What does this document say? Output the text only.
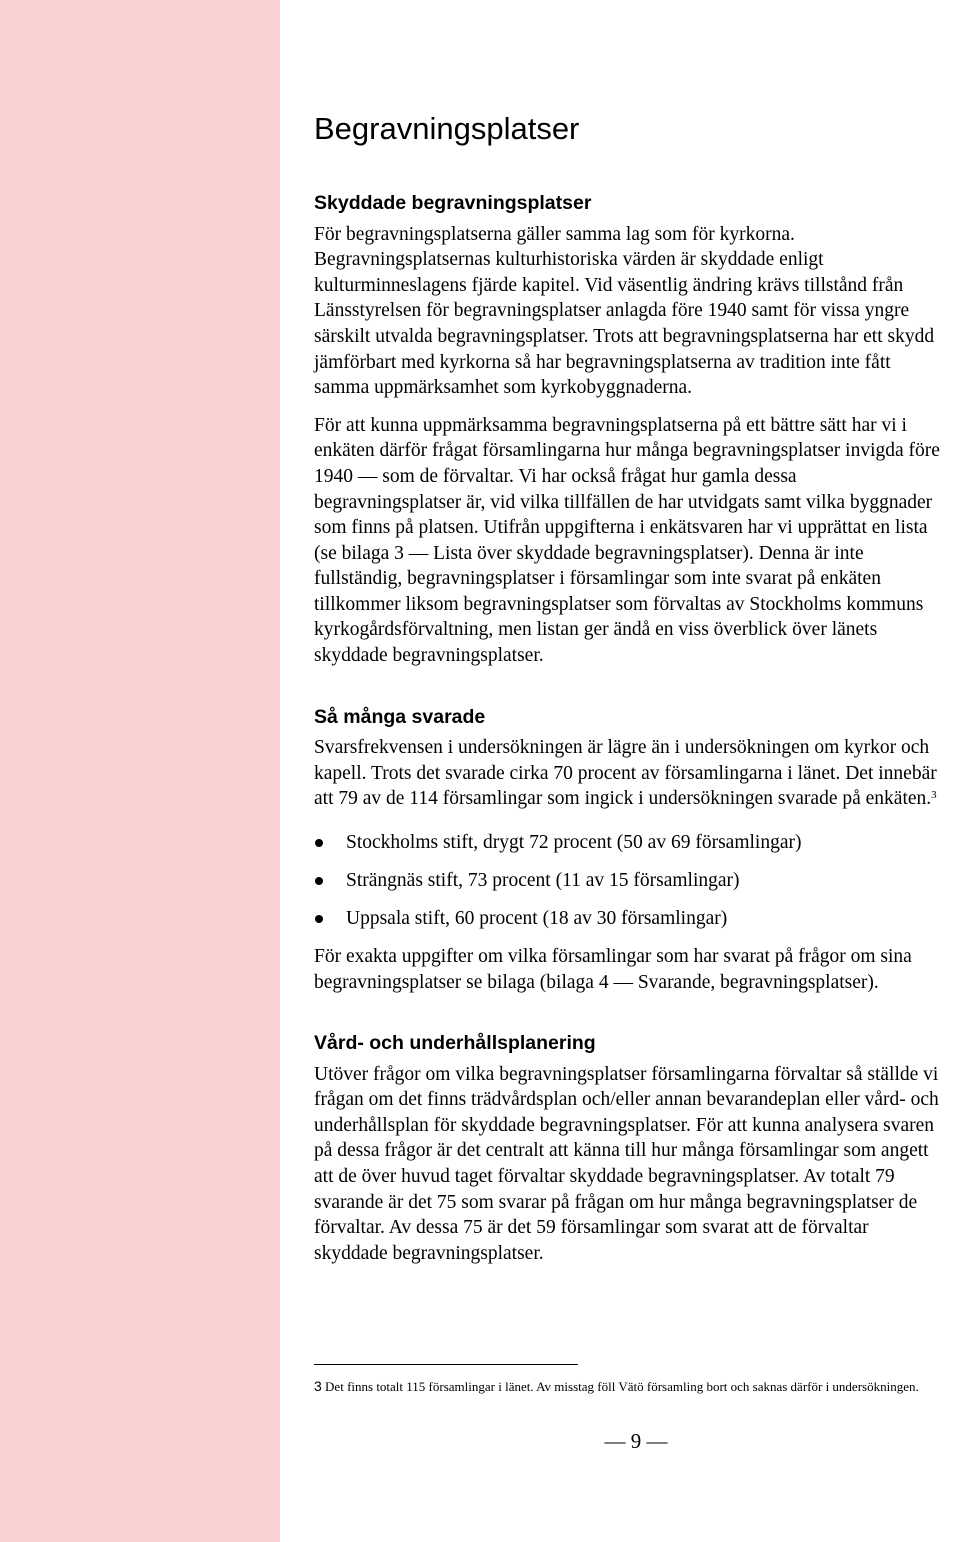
Begravningsplatser
Skyddade begravningsplatser

För begravningsplatserna gäller samma lag som för kyrkorna. Begravningsplatsernas kulturhistoriska värden är skyddade enligt kulturminneslagens fjärde kapitel. Vid väsentlig ändring krävs tillstånd från Länsstyrelsen för begravningsplatser anlagda före 1940 samt för vissa yngre särskilt utvalda begravningsplatser. Trots att begravningsplatserna har ett skydd jämförbart med kyrkorna så har begravningsplatserna av tradition inte fått samma uppmärksamhet som kyrkobyggnaderna.

För att kunna uppmärksamma begravningsplatserna på ett bättre sätt har vi i enkäten därför frågat församlingarna hur många begravningsplatser invigda före 1940 — som de förvaltar. Vi har också frågat hur gamla dessa begravningsplatser är, vid vilka tillfällen de har utvidgats samt vilka byggnader som finns på platsen. Utifrån uppgifterna i enkätsvaren har vi upprättat en lista (se bilaga 3 — Lista över skyddade begravningsplatser). Denna är inte fullständig, begravningsplatser i församlingar som inte svarat på enkäten tillkommer liksom begravningsplatser som förvaltas av Stockholms kommuns kyrkogårdsförvaltning, men listan ger ändå en viss överblick över länets skyddade begravningsplatser.

Så många svarade

Svarsfrekvensen i undersökningen är lägre än i undersökningen om kyrkor och kapell. Trots det svarade cirka 70 procent av församlingarna i länet. Det innebär att 79 av de 114 församlingar som ingick i undersökningen svarade på enkäten.$^3$

Stockholms stift, drygt 72 procent (50 av 69 församlingar)
Strängnäs stift, 73 procent (11 av 15 församlingar)
Uppsala stift, 60 procent (18 av 30 församlingar)

För exakta uppgifter om vilka församlingar som har svarat på frågor om sina begravningsplatser se bilaga (bilaga 4 — Svarande, begravningsplatser).

Vård- och underhållsplanering

Utöver frågor om vilka begravningsplatser församlingarna förvaltar så ställde vi frågan om det finns trädvårdsplan och/eller annan bevarandeplan eller vård- och underhållsplan för skyddade begravningsplatser. För att kunna analysera svaren på dessa frågor är det centralt att känna till hur många församlingar som angett att de över huvud taget förvaltar skyddade begravningsplatser. Av totalt 79 svarande är det 75 som svarar på frågan om hur många begravningsplatser de förvaltar. Av dessa 75 är det 59 församlingar som svarat att de förvaltar skyddade begravningsplatser.

3 Det finns totalt 115 församlingar i länet. Av misstag föll Vätö församling bort och saknas därför i undersökningen.
— 9 —
